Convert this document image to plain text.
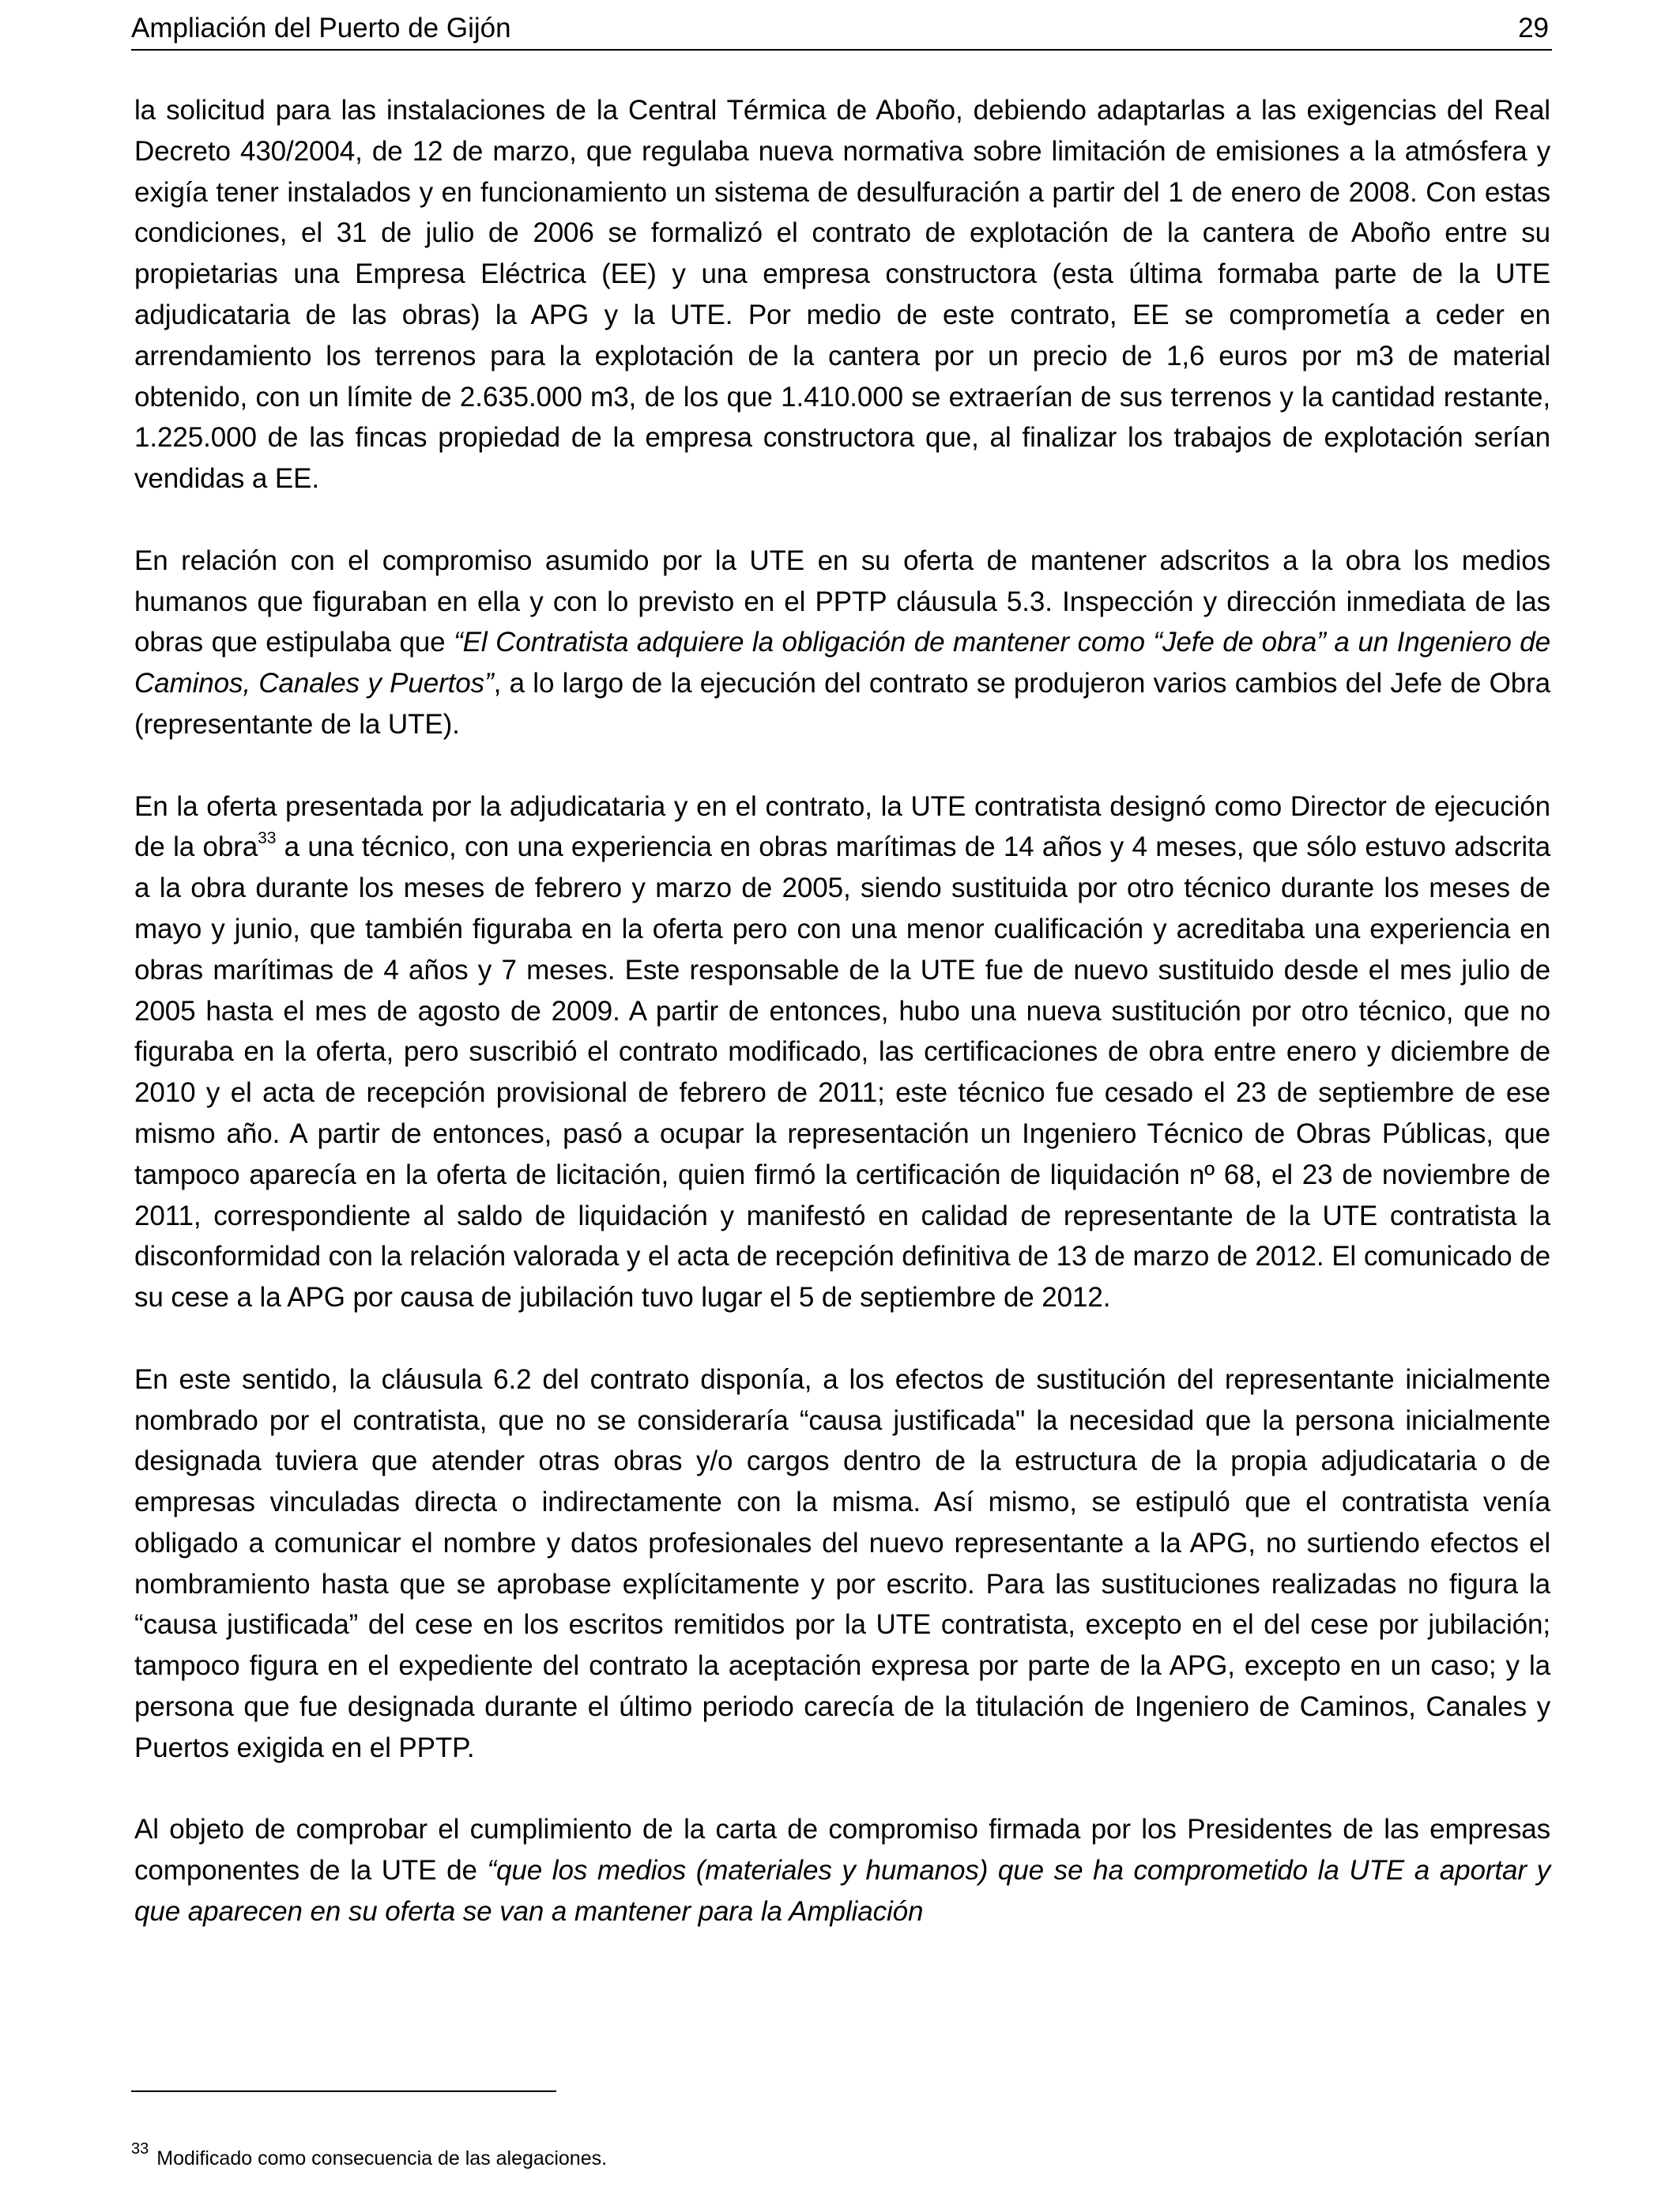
Ampliación del Puerto de Gijón	29

la solicitud para las instalaciones de la Central Térmica de Aboño, debiendo adaptarlas a las exigencias del Real Decreto 430/2004, de 12 de marzo, que regulaba nueva normativa sobre limitación de emisiones a la atmósfera y exigía tener instalados y en funcionamiento un sistema de desulfuración a partir del 1 de enero de 2008. Con estas condiciones, el 31 de julio de 2006 se formalizó el contrato de explotación de la cantera de Aboño entre su propietarias una Empresa Eléctrica (EE) y una empresa constructora (esta última formaba parte de la UTE adjudicataria de las obras) la APG y la UTE. Por medio de este contrato, EE se comprometía a ceder en arrendamiento los terrenos para la explotación de la cantera por un precio de 1,6 euros por m3 de material obtenido, con un límite de 2.635.000 m3, de los que 1.410.000 se extraerían de sus terrenos y la cantidad restante, 1.225.000 de las fincas propiedad de la empresa constructora que, al finalizar los trabajos de explotación serían vendidas a EE.

En relación con el compromiso asumido por la UTE en su oferta de mantener adscritos a la obra los medios humanos que figuraban en ella y con lo previsto en el PPTP cláusula 5.3. Inspección y dirección inmediata de las obras que estipulaba que “El Contratista adquiere la obligación de mantener como “Jefe de obra” a un Ingeniero de Caminos, Canales y Puertos”, a lo largo de la ejecución del contrato se produjeron varios cambios del Jefe de Obra (representante de la UTE).

En la oferta presentada por la adjudicataria y en el contrato, la UTE contratista designó como Director de ejecución de la obra$^{33}$ a una técnico, con una experiencia en obras marítimas de 14 años y 4 meses, que sólo estuvo adscrita a la obra durante los meses de febrero y marzo de 2005, siendo sustituida por otro técnico durante los meses de mayo y junio, que también figuraba en la oferta pero con una menor cualificación y acreditaba una experiencia en obras marítimas de 4 años y 7 meses. Este responsable de la UTE fue de nuevo sustituido desde el mes julio de 2005 hasta el mes de agosto de 2009. A partir de entonces, hubo una nueva sustitución por otro técnico, que no figuraba en la oferta, pero suscribió el contrato modificado, las certificaciones de obra entre enero y diciembre de 2010 y el acta de recepción provisional de febrero de 2011; este técnico fue cesado el 23 de septiembre de ese mismo año. A partir de entonces, pasó a ocupar la representación un Ingeniero Técnico de Obras Públicas, que tampoco aparecía en la oferta de licitación, quien firmó la certificación de liquidación nº 68, el 23 de noviembre de 2011, correspondiente al saldo de liquidación y manifestó en calidad de representante de la UTE contratista la disconformidad con la relación valorada y el acta de recepción definitiva de 13 de marzo de 2012. El comunicado de su cese a la APG por causa de jubilación tuvo lugar el 5 de septiembre de 2012.

En este sentido, la cláusula 6.2 del contrato disponía, a los efectos de sustitución del representante inicialmente nombrado por el contratista, que no se consideraría “causa justificada" la necesidad que la persona inicialmente designada tuviera que atender otras obras y/o cargos dentro de la estructura de la propia adjudicataria o de empresas vinculadas directa o indirectamente con la misma. Así mismo, se estipuló que el contratista venía obligado a comunicar el nombre y datos profesionales del nuevo representante a la APG, no surtiendo efectos el nombramiento hasta que se aprobase explícitamente y por escrito. Para las sustituciones realizadas no figura la “causa justificada” del cese en los escritos remitidos por la UTE contratista, excepto en el del cese por jubilación; tampoco figura en el expediente del contrato la aceptación expresa por parte de la APG, excepto en un caso; y la persona que fue designada durante el último periodo carecía de la titulación de Ingeniero de Caminos, Canales y Puertos exigida en el PPTP.

Al objeto de comprobar el cumplimiento de la carta de compromiso firmada por los Presidentes de las empresas componentes de la UTE de “que los medios (materiales y humanos) que se ha comprometido la UTE a aportar y que aparecen en su oferta se van a mantener para la Ampliación

$^{33}$ Modificado como consecuencia de las alegaciones.
